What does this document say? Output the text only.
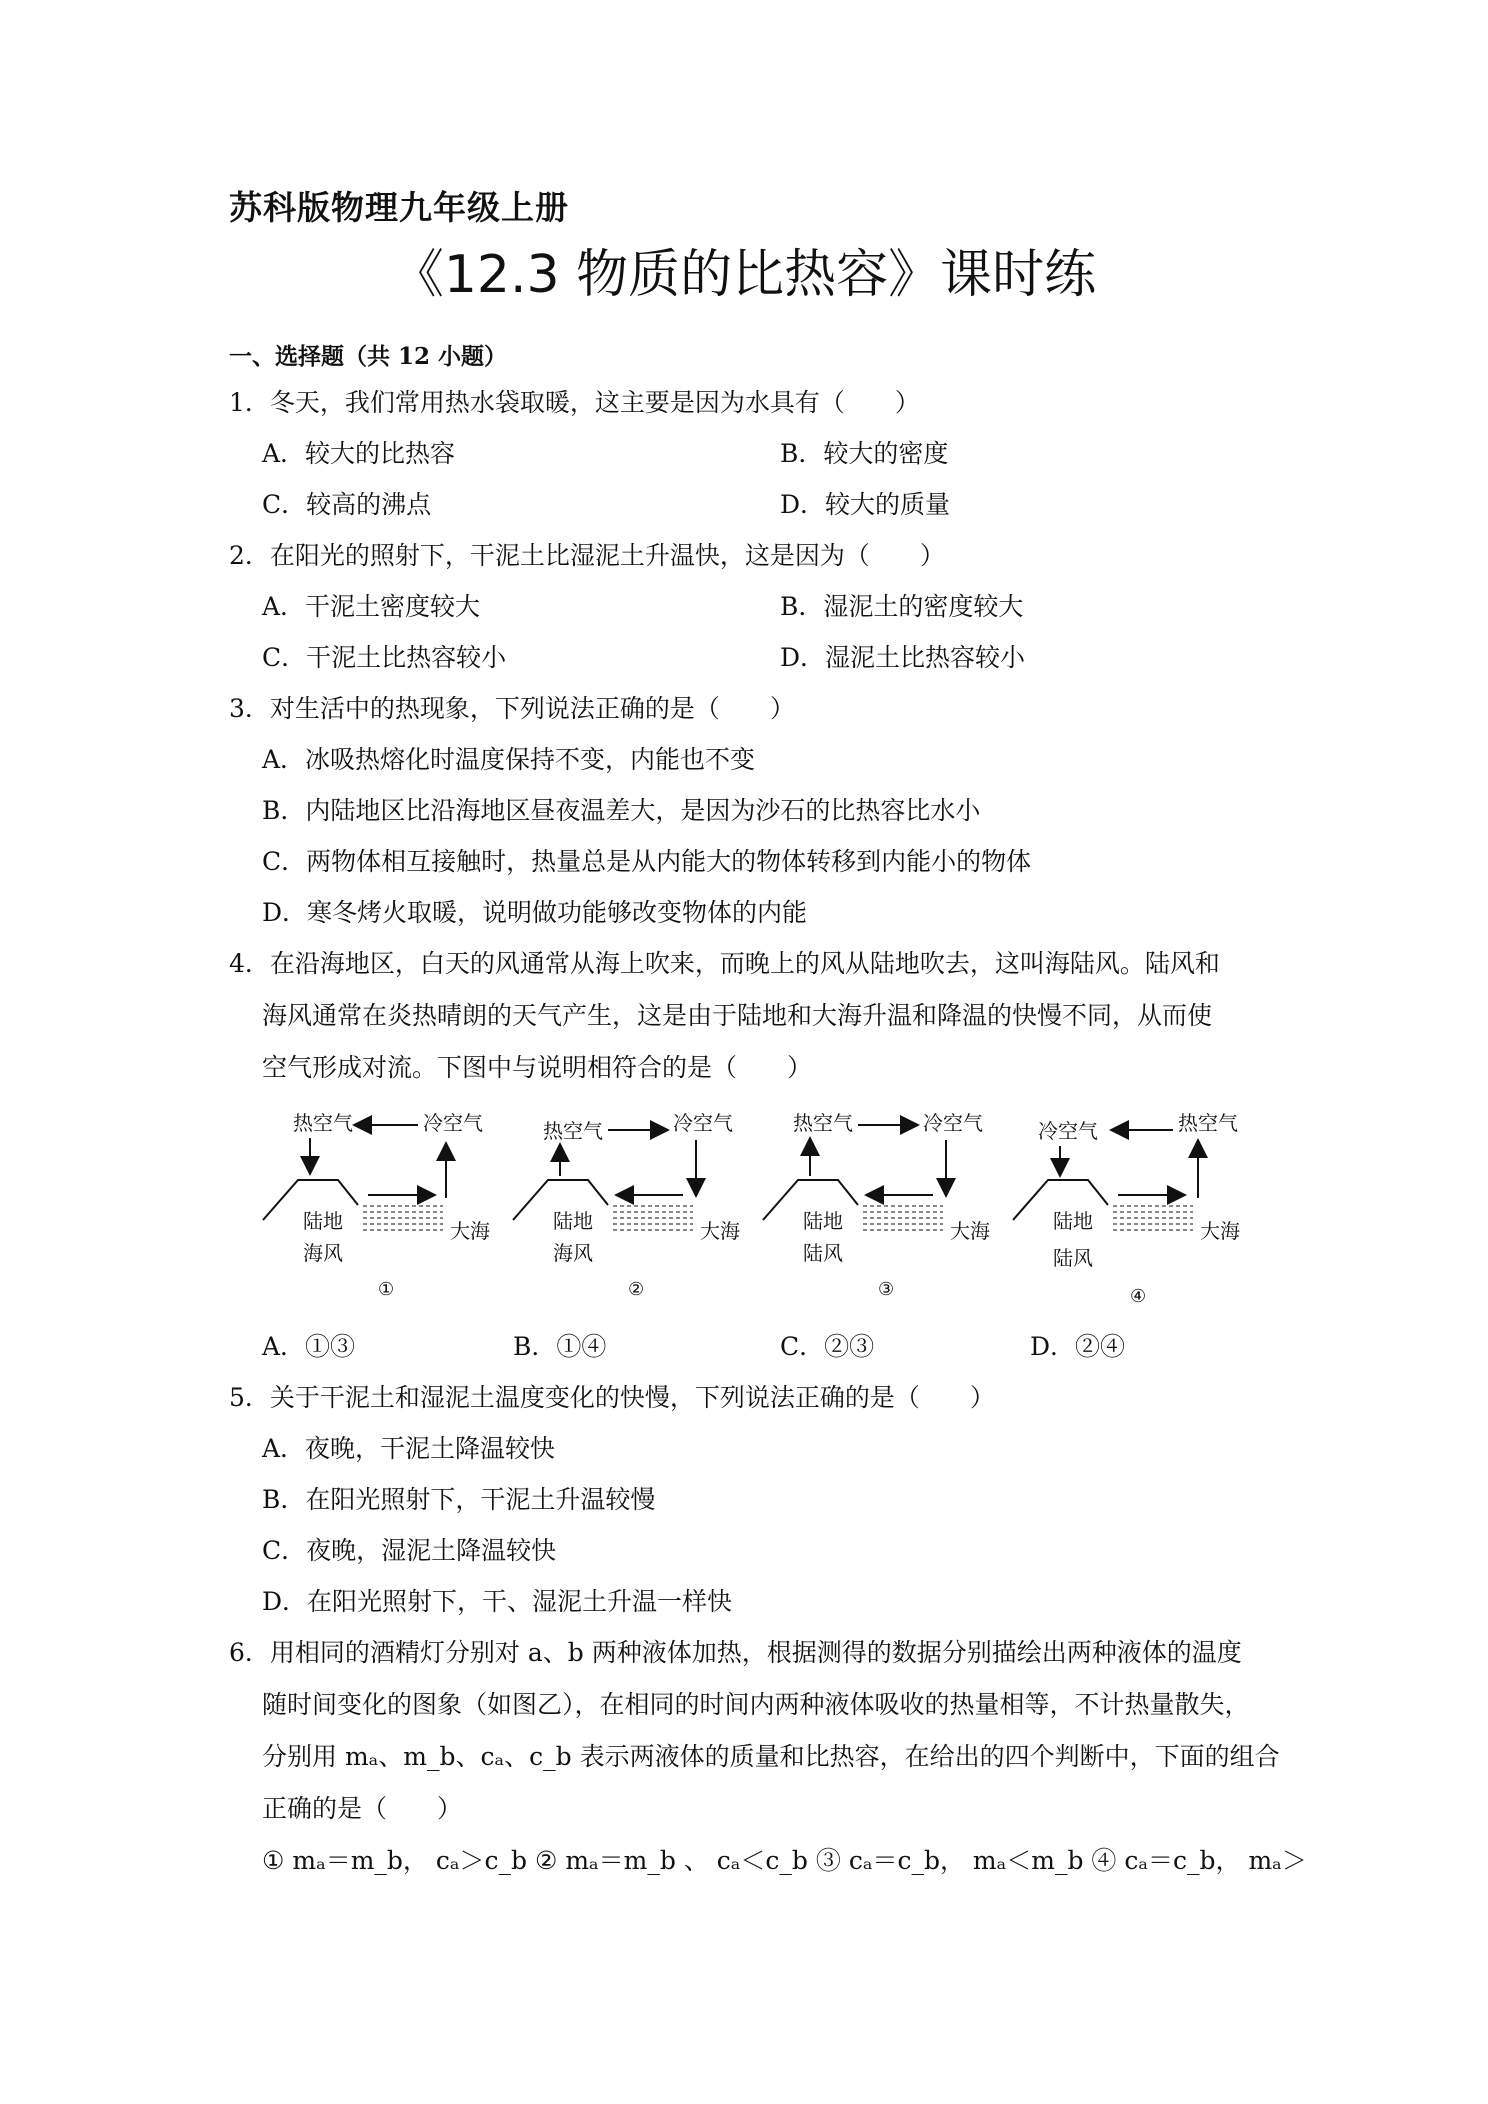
苏科版物理九年级上册
《12.3 物质的比热容》课时练
一、选择题（共 12 小题）
1．冬天，我们常用热水袋取暖，这主要是因为水具有（　　）
A．较大的比热容	B．较大的密度
C．较高的沸点	D．较大的质量
2．在阳光的照射下，干泥土比湿泥土升温快，这是因为（　　）
A．干泥土密度较大	B．湿泥土的密度较大
C．干泥土比热容较小	D．湿泥土比热容较小
3．对生活中的热现象，下列说法正确的是（　　）
A．冰吸热熔化时温度保持不变，内能也不变
B．内陆地区比沿海地区昼夜温差大，是因为沙石的比热容比水小
C．两物体相互接触时，热量总是从内能大的物体转移到内能小的物体
D．寒冬烤火取暖，说明做功能够改变物体的内能
4．在沿海地区，白天的风通常从海上吹来，而晚上的风从陆地吹去，这叫海陆风。陆风和
海风通常在炎热晴朗的天气产生，这是由于陆地和大海升温和降温的快慢不同，从而使
空气形成对流。下图中与说明相符合的是（　　）
热空气	冷空气
陆地	大海
海风
①
热空气	冷空气
陆地	大海
海风
②
热空气	冷空气
陆地	大海
陆风
③
冷空气	热空气
陆地	大海
陆风
④
A．①③	B．①④	C．②③	D．②④
5．关于干泥土和湿泥土温度变化的快慢，下列说法正确的是（　　）
A．夜晚，干泥土降温较快
B．在阳光照射下，干泥土升温较慢
C．夜晚，湿泥土降温较快
D．在阳光照射下，干、湿泥土升温一样快
6．用相同的酒精灯分别对 a、b 两种液体加热，根据测得的数据分别描绘出两种液体的温度
随时间变化的图象（如图乙），在相同的时间内两种液体吸收的热量相等，不计热量散失，
分别用 mₐ、m_b、cₐ、c_b 表示两液体的质量和比热容，在给出的四个判断中，下面的组合
正确的是（　　）
① mₐ＝m_b， cₐ＞c_b ② mₐ＝m_b 、 cₐ＜c_b ③ cₐ＝c_b， mₐ＜m_b ④ cₐ＝c_b， mₐ＞
